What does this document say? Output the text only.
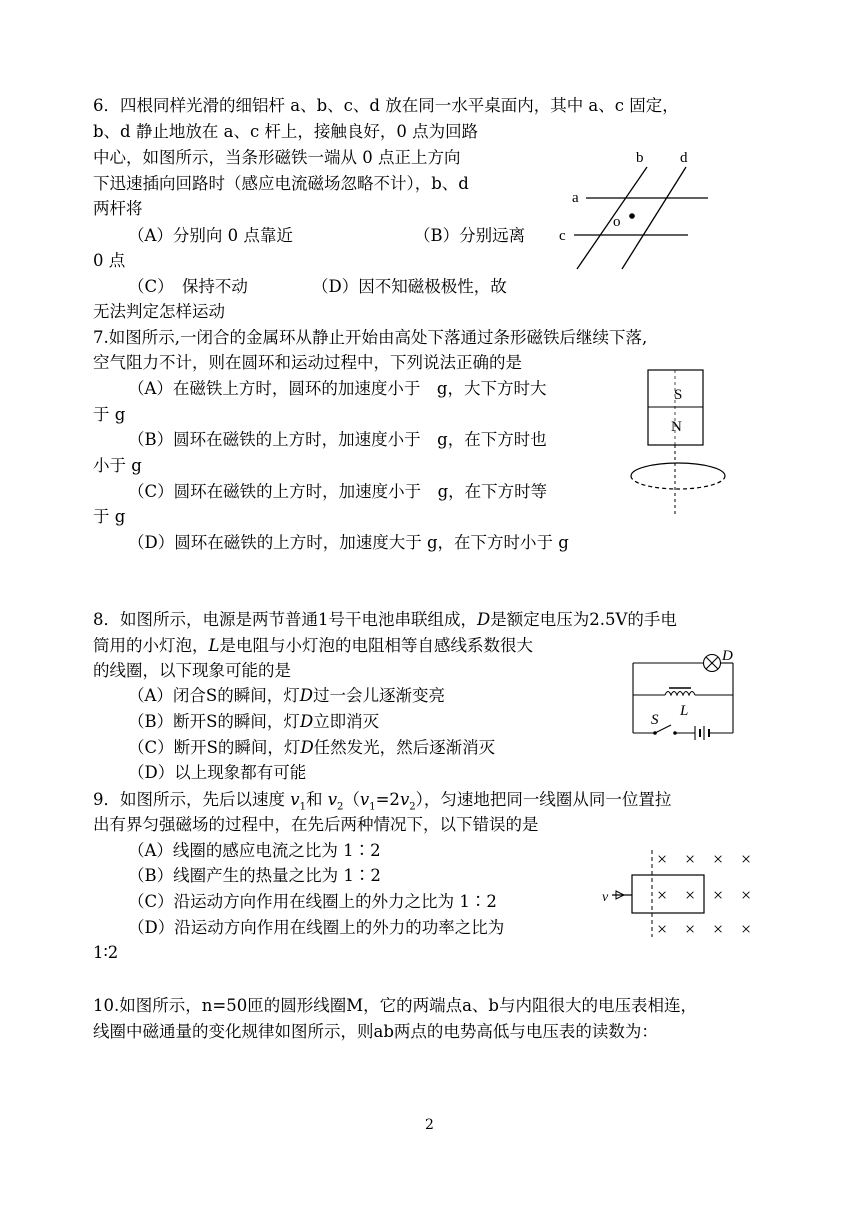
6．四根同样光滑的细铝杆 a、b、c、d 放在同一水平桌面内，其中 a、c 固定，
b、d 静止地放在 a、c 杆上，接触良好，0 点为回路
中心，如图所示，当条形磁铁一端从 0 点正上方向
下迅速插向回路时（感应电流磁场忽略不计），b、d
两杆将
（A）分别向 0 点靠近	（B）分别远离
0 点
（C）　保持不动	（D）因不知磁极极性，故
无法判定怎样运动
a
b
c
d
o
7.如图所示,一闭合的金属环从静止开始由高处下落通过条形磁铁后继续下落,
空气阻力不计，则在圆环和运动过程中，下列说法正确的是
（A）在磁铁上方时，圆环的加速度小于　g，大下方时大
于 g
（B）圆环在磁铁的上方时，加速度小于　g，在下方时也
小于 g
（C）圆环在磁铁的上方时，加速度小于　g，在下方时等
于 g
（D）圆环在磁铁的上方时，加速度大于 g，在下方时小于 g
S
N
8．如图所示，电源是两节普通1号干电池串联组成，D是额定电压为2.5V的手电
筒用的小灯泡，L是电阻与小灯泡的电阻相等自感线系数很大
的线圈，以下现象可能的是
（A）闭合S的瞬间，灯D过一会儿逐渐变亮
（B）断开S的瞬间，灯D立即消灭
（C）断开S的瞬间，灯D任然发光，然后逐渐消灭
（D）以上现象都有可能
D
L
S
9．如图所示，先后以速度 $v_1$和 $v_2(v_1=2v_2)$，匀速地把同一线圈从同一位置拉
出有界匀强磁场的过程中，在先后两种情况下，以下错误的是
（A）线圈的感应电流之比为 1∶2
（B）线圈产生的热量之比为 1∶2
（C）沿运动方向作用在线圈上的外力之比为 1∶2
（D）沿运动方向作用在线圈上的外力的功率之比为
1∶2
v
× × × ×
× × × ×
× × × ×
10.如图所示，n=50匝的圆形线圈M，它的两端点a、b与内阻很大的电压表相连，
线圈中磁通量的变化规律如图所示，则ab两点的电势高低与电压表的读数为：
2
